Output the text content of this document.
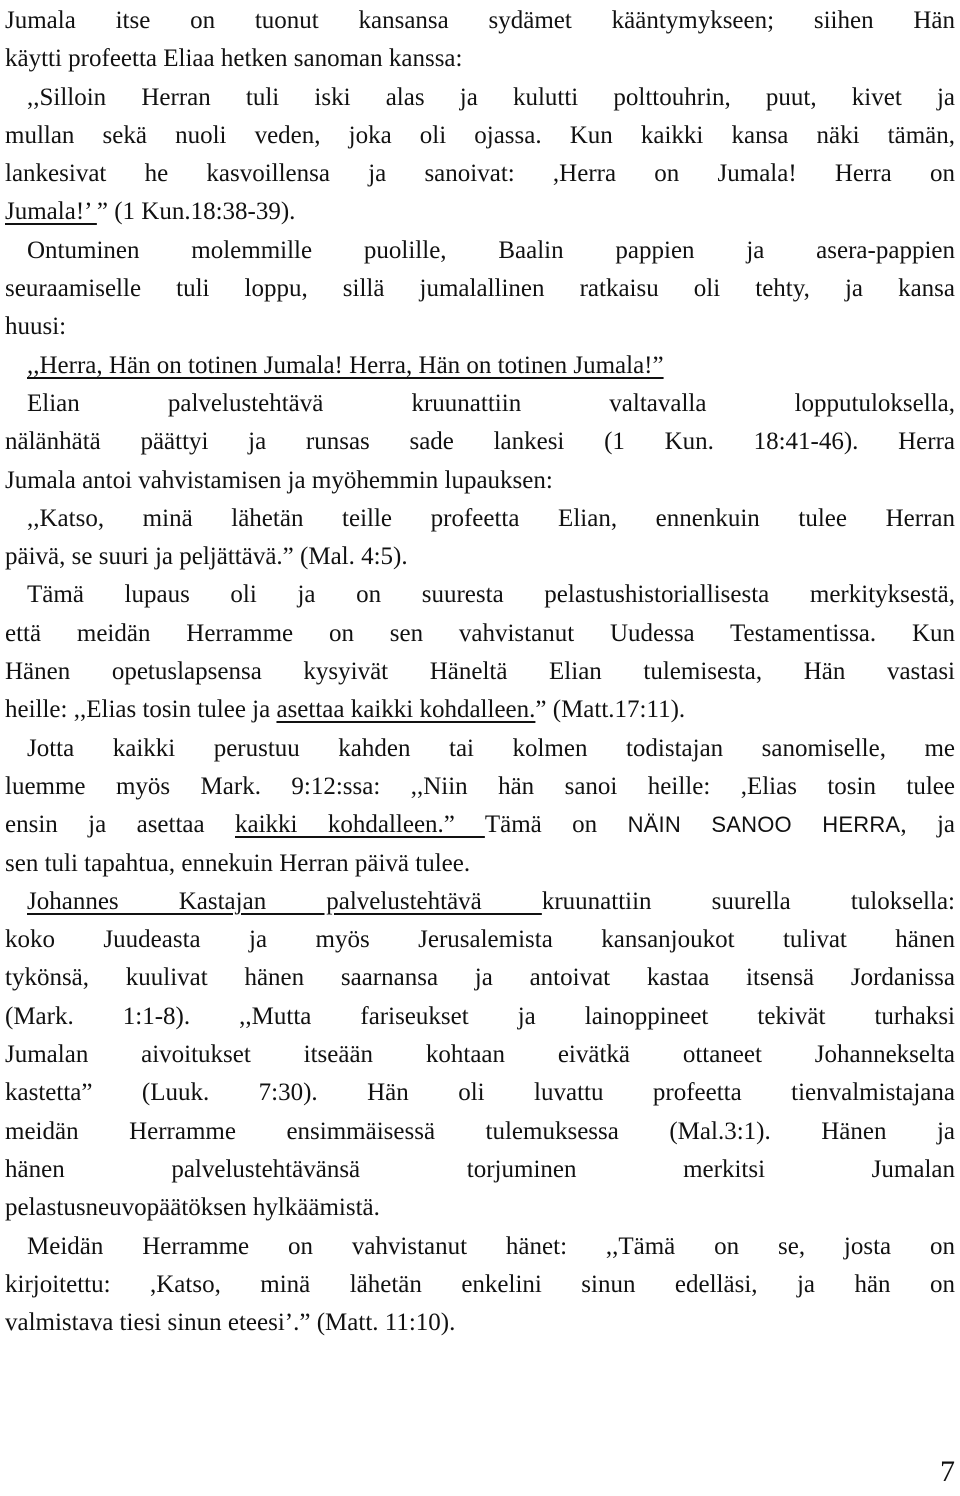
Jumala itse on tuonut kansansa sydämet kääntymykseen; siihen Hän
käytti profeetta Eliaa hetken sanoman kanssa:
,,Silloin Herran tuli iski alas ja kulutti polttouhrin, puut, kivet ja
mullan sekä nuoli veden, joka oli ojassa. Kun kaikki kansa näki tämän,
lankesivat he kasvoillensa ja sanoivat: ,Herra on Jumala! Herra on
Jumala!’ ” (1 Kun.18:38-39).
Ontuminen molemmille puolille, Baalin pappien ja asera-pappien
seuraamiselle tuli loppu, sillä jumalallinen ratkaisu oli tehty, ja kansa
huusi:
,,Herra, Hän on totinen Jumala! Herra, Hän on totinen Jumala!”
Elian palvelustehtävä kruunattiin valtavalla lopputuloksella,
nälänhätä päättyi ja runsas sade lankesi (1 Kun. 18:41-46). Herra
Jumala antoi vahvistamisen ja myöhemmin lupauksen:
,,Katso, minä lähetän teille profeetta Elian, ennenkuin tulee Herran
päivä, se suuri ja peljättävä.” (Mal. 4:5).
Tämä lupaus oli ja on suuresta pelastushistoriallisesta merkityksestä,
että meidän Herramme on sen vahvistanut Uudessa Testamentissa. Kun
Hänen opetuslapsensa kysyivät Häneltä Elian tulemisesta, Hän vastasi
heille: ,,Elias tosin tulee ja asettaa kaikki kohdalleen.” (Matt.17:11).
Jotta kaikki perustuu kahden tai kolmen todistajan sanomiselle, me
luemme myös Mark. 9:12:ssa: ,,Niin hän sanoi heille: ,Elias tosin tulee
ensin ja asettaa kaikki kohdalleen.” Tämä on NÄIN SANOO HERRA, ja
sen tuli tapahtua, ennekuin Herran päivä tulee.
Johannes Kastajan palvelustehtävä kruunattiin suurella tuloksella:
koko Juudeasta ja myös Jerusalemista kansanjoukot tulivat hänen
tykönsä, kuulivat hänen saarnansa ja antoivat kastaa itsensä Jordanissa
(Mark. 1:1-8). ,,Mutta fariseukset ja lainoppineet tekivät turhaksi
Jumalan aivoitukset itseään kohtaan eivätkä ottaneet Johannekselta
kastetta” (Luuk. 7:30). Hän oli luvattu profeetta tienvalmistajana
meidän Herramme ensimmäisessä tulemuksessa (Mal.3:1). Hänen ja
hänen palvelustehtävänsä torjuminen merkitsi Jumalan
pelastusneuvopäätöksen hylkäämistä.
Meidän Herramme on vahvistanut hänet: ,,Tämä on se, josta on
kirjoitettu: ,Katso, minä lähetän enkelini sinun edelläsi, ja hän on
valmistava tiesi sinun eteesi’.” (Matt. 11:10).
7
